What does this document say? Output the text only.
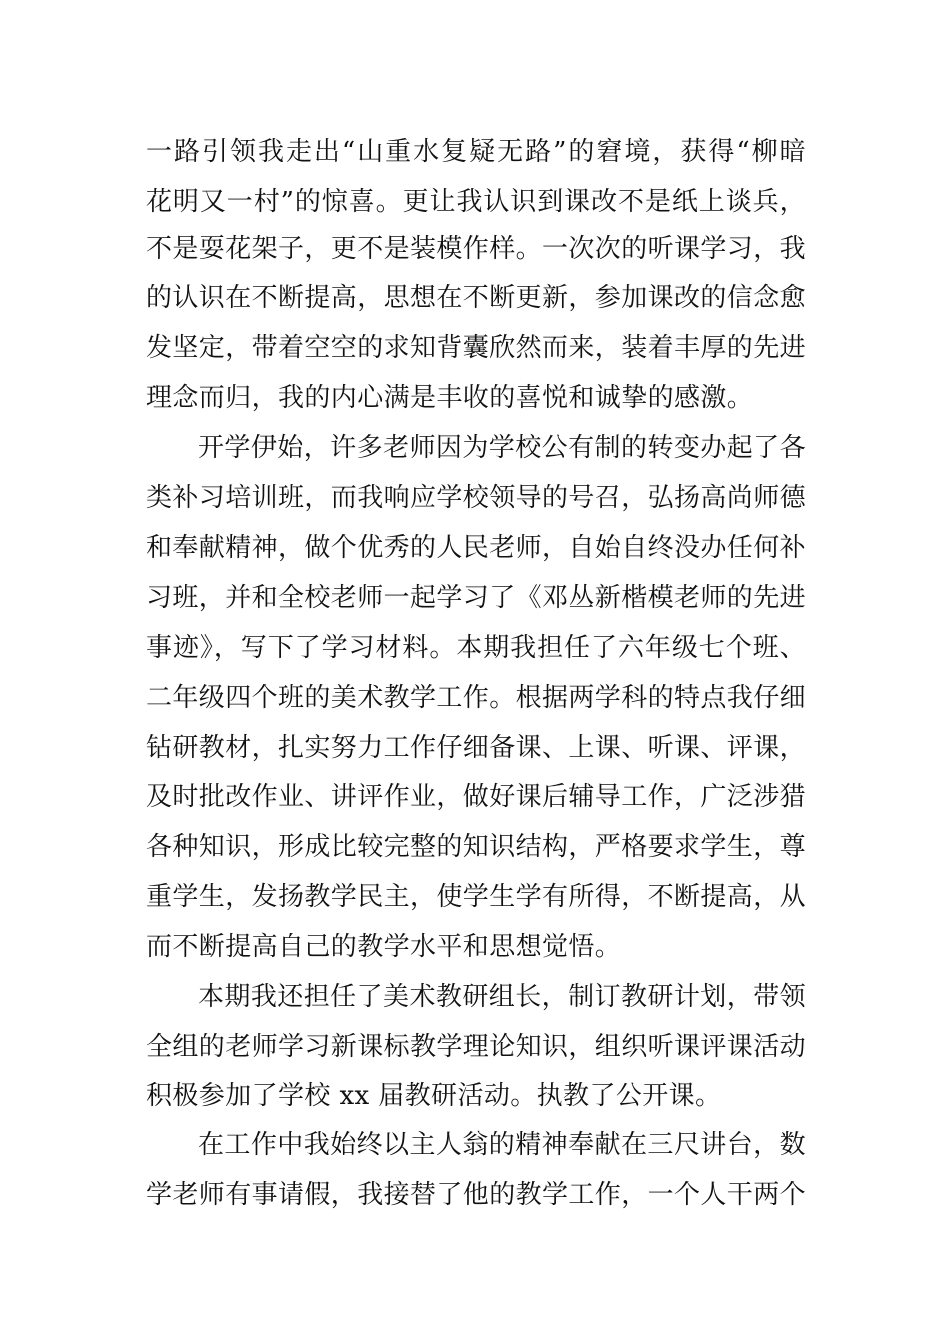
一路引领我走出“山重水复疑无路”的窘境，获得“柳暗
花明又一村”的惊喜。更让我认识到课改不是纸上谈兵，
不是耍花架子，更不是装模作样。一次次的听课学习，我
的认识在不断提高，思想在不断更新，参加课改的信念愈
发坚定，带着空空的求知背囊欣然而来，装着丰厚的先进
理念而归，我的内心满是丰收的喜悦和诚挚的感激。
开学伊始，许多老师因为学校公有制的转变办起了各
类补习培训班，而我响应学校领导的号召，弘扬高尚师德
和奉献精神，做个优秀的人民老师，自始自终没办任何补
习班，并和全校老师一起学习了《邓丛新楷模老师的先进
事迹》，写下了学习材料。本期我担任了六年级七个班、
二年级四个班的美术教学工作。根据两学科的特点我仔细
钻研教材，扎实努力工作仔细备课、上课、听课、评课，
及时批改作业、讲评作业，做好课后辅导工作，广泛涉猎
各种知识，形成比较完整的知识结构，严格要求学生，尊
重学生，发扬教学民主，使学生学有所得，不断提高，从
而不断提高自己的教学水平和思想觉悟。
本期我还担任了美术教研组长，制订教研计划，带领
全组的老师学习新课标教学理论知识，组织听课评课活动
积极参加了学校 xx 届教研活动。执教了公开课。
在工作中我始终以主人翁的精神奉献在三尺讲台，数
学老师有事请假，我接替了他的教学工作，一个人干两个
